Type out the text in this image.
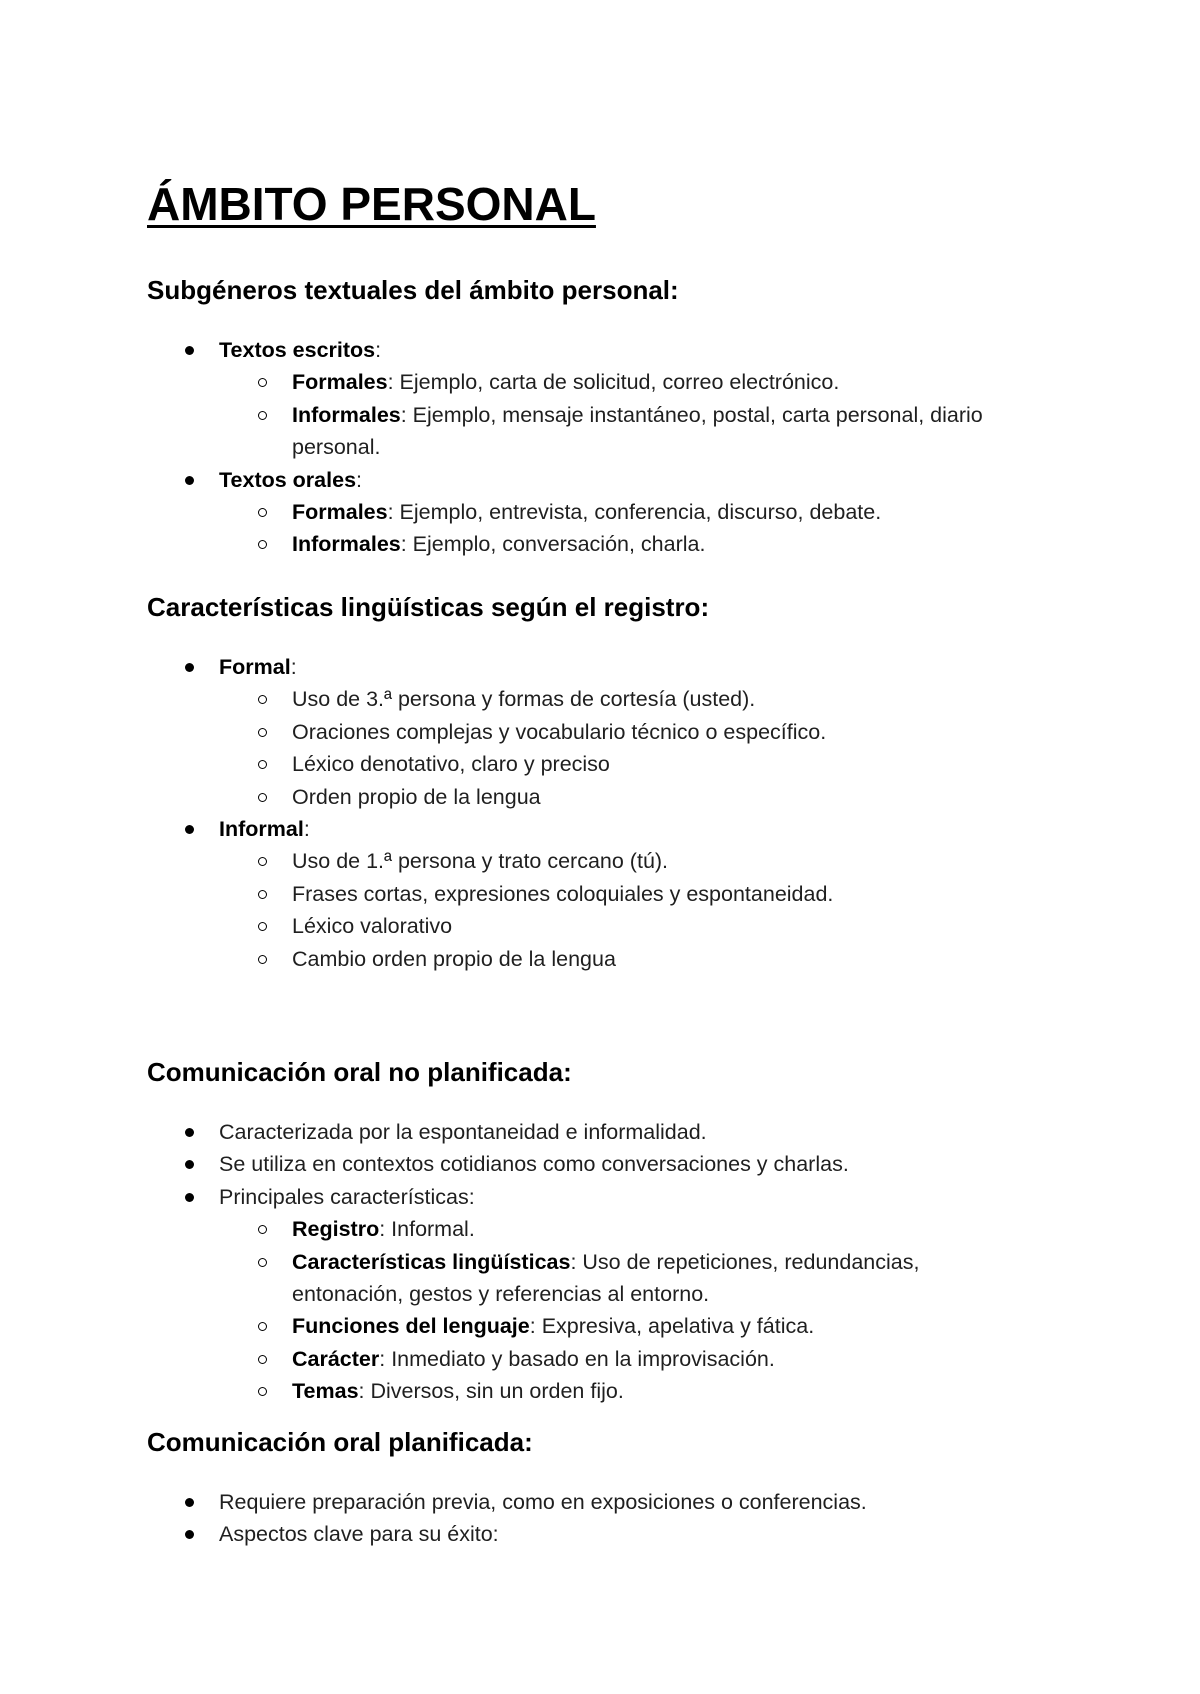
ÁMBITO PERSONAL
Subgéneros textuales del ámbito personal:
Textos escritos:
Formales: Ejemplo, carta de solicitud, correo electrónico.
Informales: Ejemplo, mensaje instantáneo, postal, carta personal, diario personal.
Textos orales:
Formales: Ejemplo, entrevista, conferencia, discurso, debate.
Informales: Ejemplo, conversación, charla.
Características lingüísticas según el registro:
Formal:
Uso de 3.ª persona y formas de cortesía (usted).
Oraciones complejas y vocabulario técnico o específico.
Léxico denotativo, claro y preciso
Orden propio de la lengua
Informal:
Uso de 1.ª persona y trato cercano (tú).
Frases cortas, expresiones coloquiales y espontaneidad.
Léxico valorativo
Cambio orden propio de la lengua
Comunicación oral no planificada:
Caracterizada por la espontaneidad e informalidad.
Se utiliza en contextos cotidianos como conversaciones y charlas.
Principales características:
Registro: Informal.
Características lingüísticas: Uso de repeticiones, redundancias, entonación, gestos y referencias al entorno.
Funciones del lenguaje: Expresiva, apelativa y fática.
Carácter: Inmediato y basado en la improvisación.
Temas: Diversos, sin un orden fijo.
Comunicación oral planificada:
Requiere preparación previa, como en exposiciones o conferencias.
Aspectos clave para su éxito:
